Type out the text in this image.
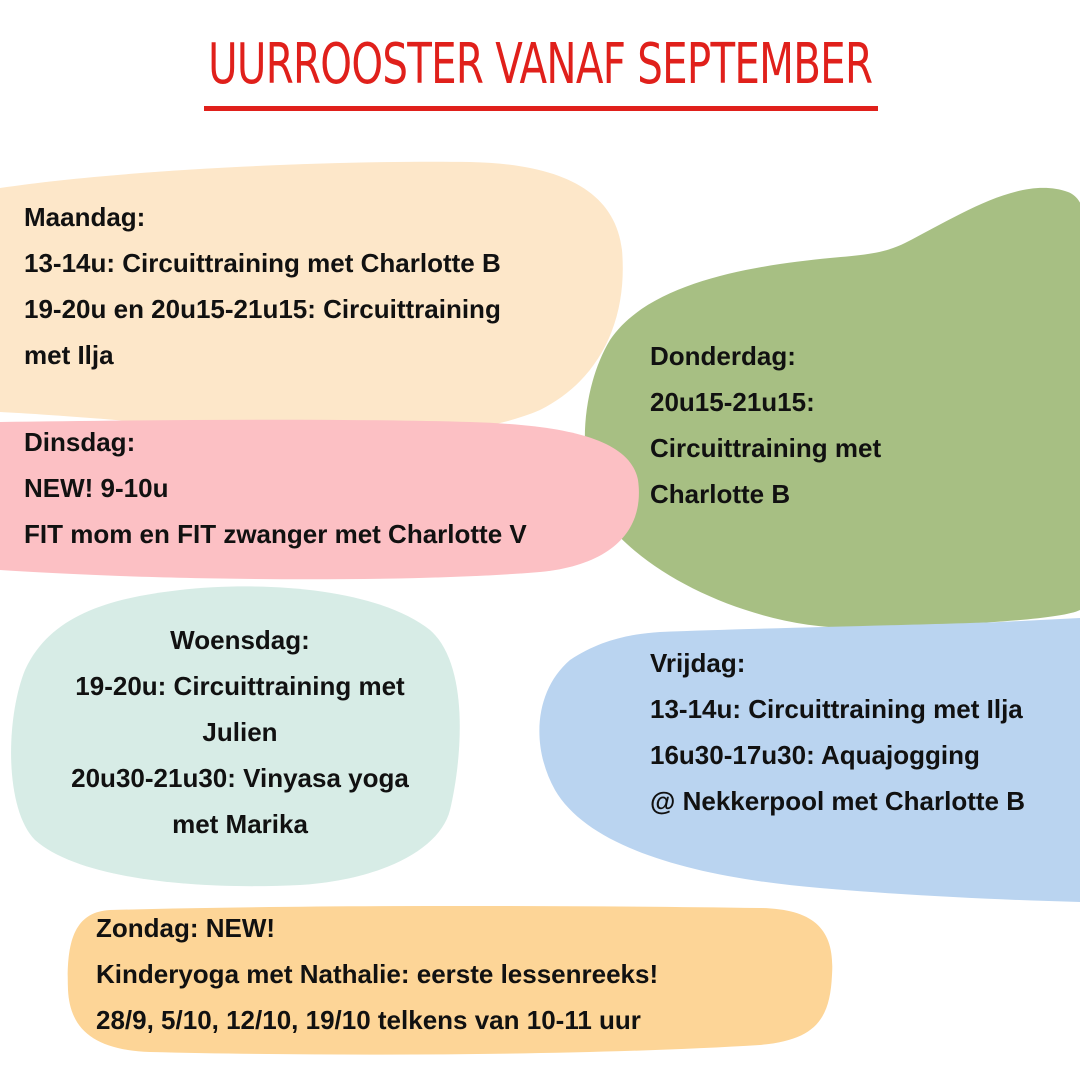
UURROOSTER VANAF SEPTEMBER
Maandag:
13-14u: Circuittraining met Charlotte B
19-20u en 20u15-21u15: Circuittraining
met Ilja
Dinsdag:
NEW! 9-10u
FIT mom en FIT zwanger met Charlotte V
Donderdag:
20u15-21u15:
Circuittraining met
Charlotte B
Woensdag:
19-20u: Circuittraining met
Julien
20u30-21u30: Vinyasa yoga
met Marika
Vrijdag:
13-14u: Circuittraining met Ilja
16u30-17u30: Aquajogging
@ Nekkerpool met Charlotte B
Zondag: NEW!
Kinderyoga met Nathalie: eerste lessenreeks!
28/9, 5/10, 12/10, 19/10 telkens van 10-11 uur
